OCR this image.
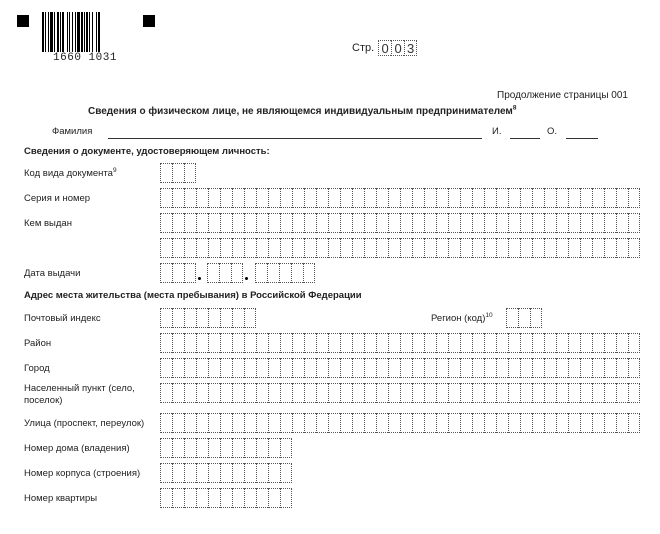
1660 1031
Стр. 0 0 3
Продолжение страницы 001
Сведения о физическом лице, не являющемся индивидуальным предпринимателем$^8$
Фамилия	И.	О.
Сведения о документе, удостоверяющем личность:
Код вида документа$^9$
Серия и номер
Кем выдан
Дата выдачи
Адрес места жительства (места пребывания) в Российской Федерации
Почтовый индекс	Регион (код)$^{10}$
Район
Город
Населенный пункт (село,
поселок)
Улица (проспект, переулок)
Номер дома (владения)
Номер корпуса (строения)
Номер квартиры
